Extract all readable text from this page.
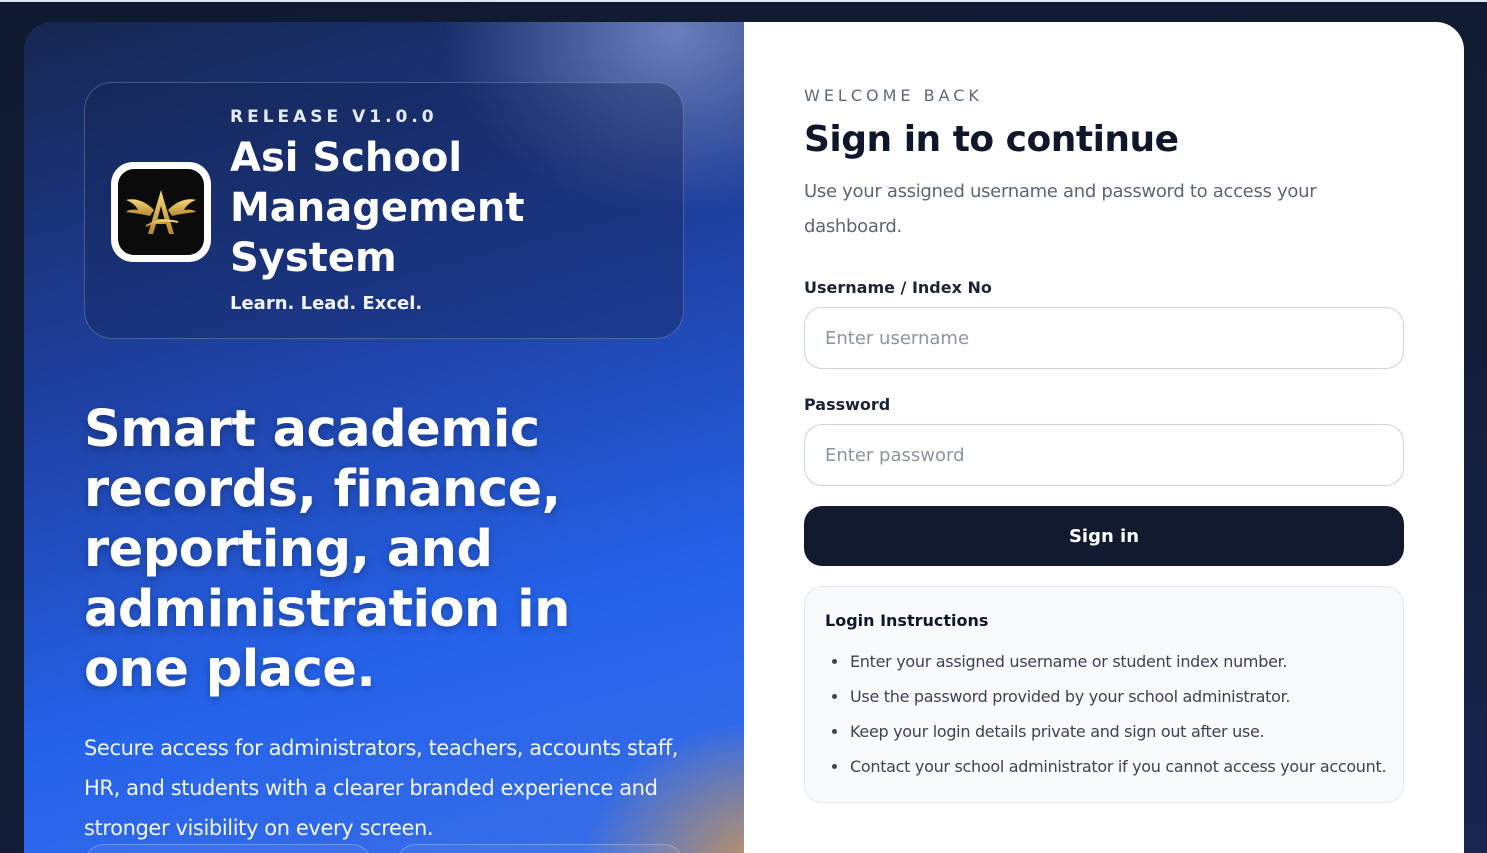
RELEASE V1.0.0
Asi School Management System
Learn. Lead. Excel.
Smart academic records, finance, reporting, and administration in one place.

Secure access for administrators, teachers, accounts staff, HR, and students with a clearer branded experience and stronger visibility on every screen.

WELCOME BACK
Sign in to continue

Use your assigned username and password to access your dashboard.

Username / Index No
Enter username
Password
Sign in
Login Instructions
Enter your assigned username or student index number.
Use the password provided by your school administrator.
Keep your login details private and sign out after use.
Contact your school administrator if you cannot access your account.
